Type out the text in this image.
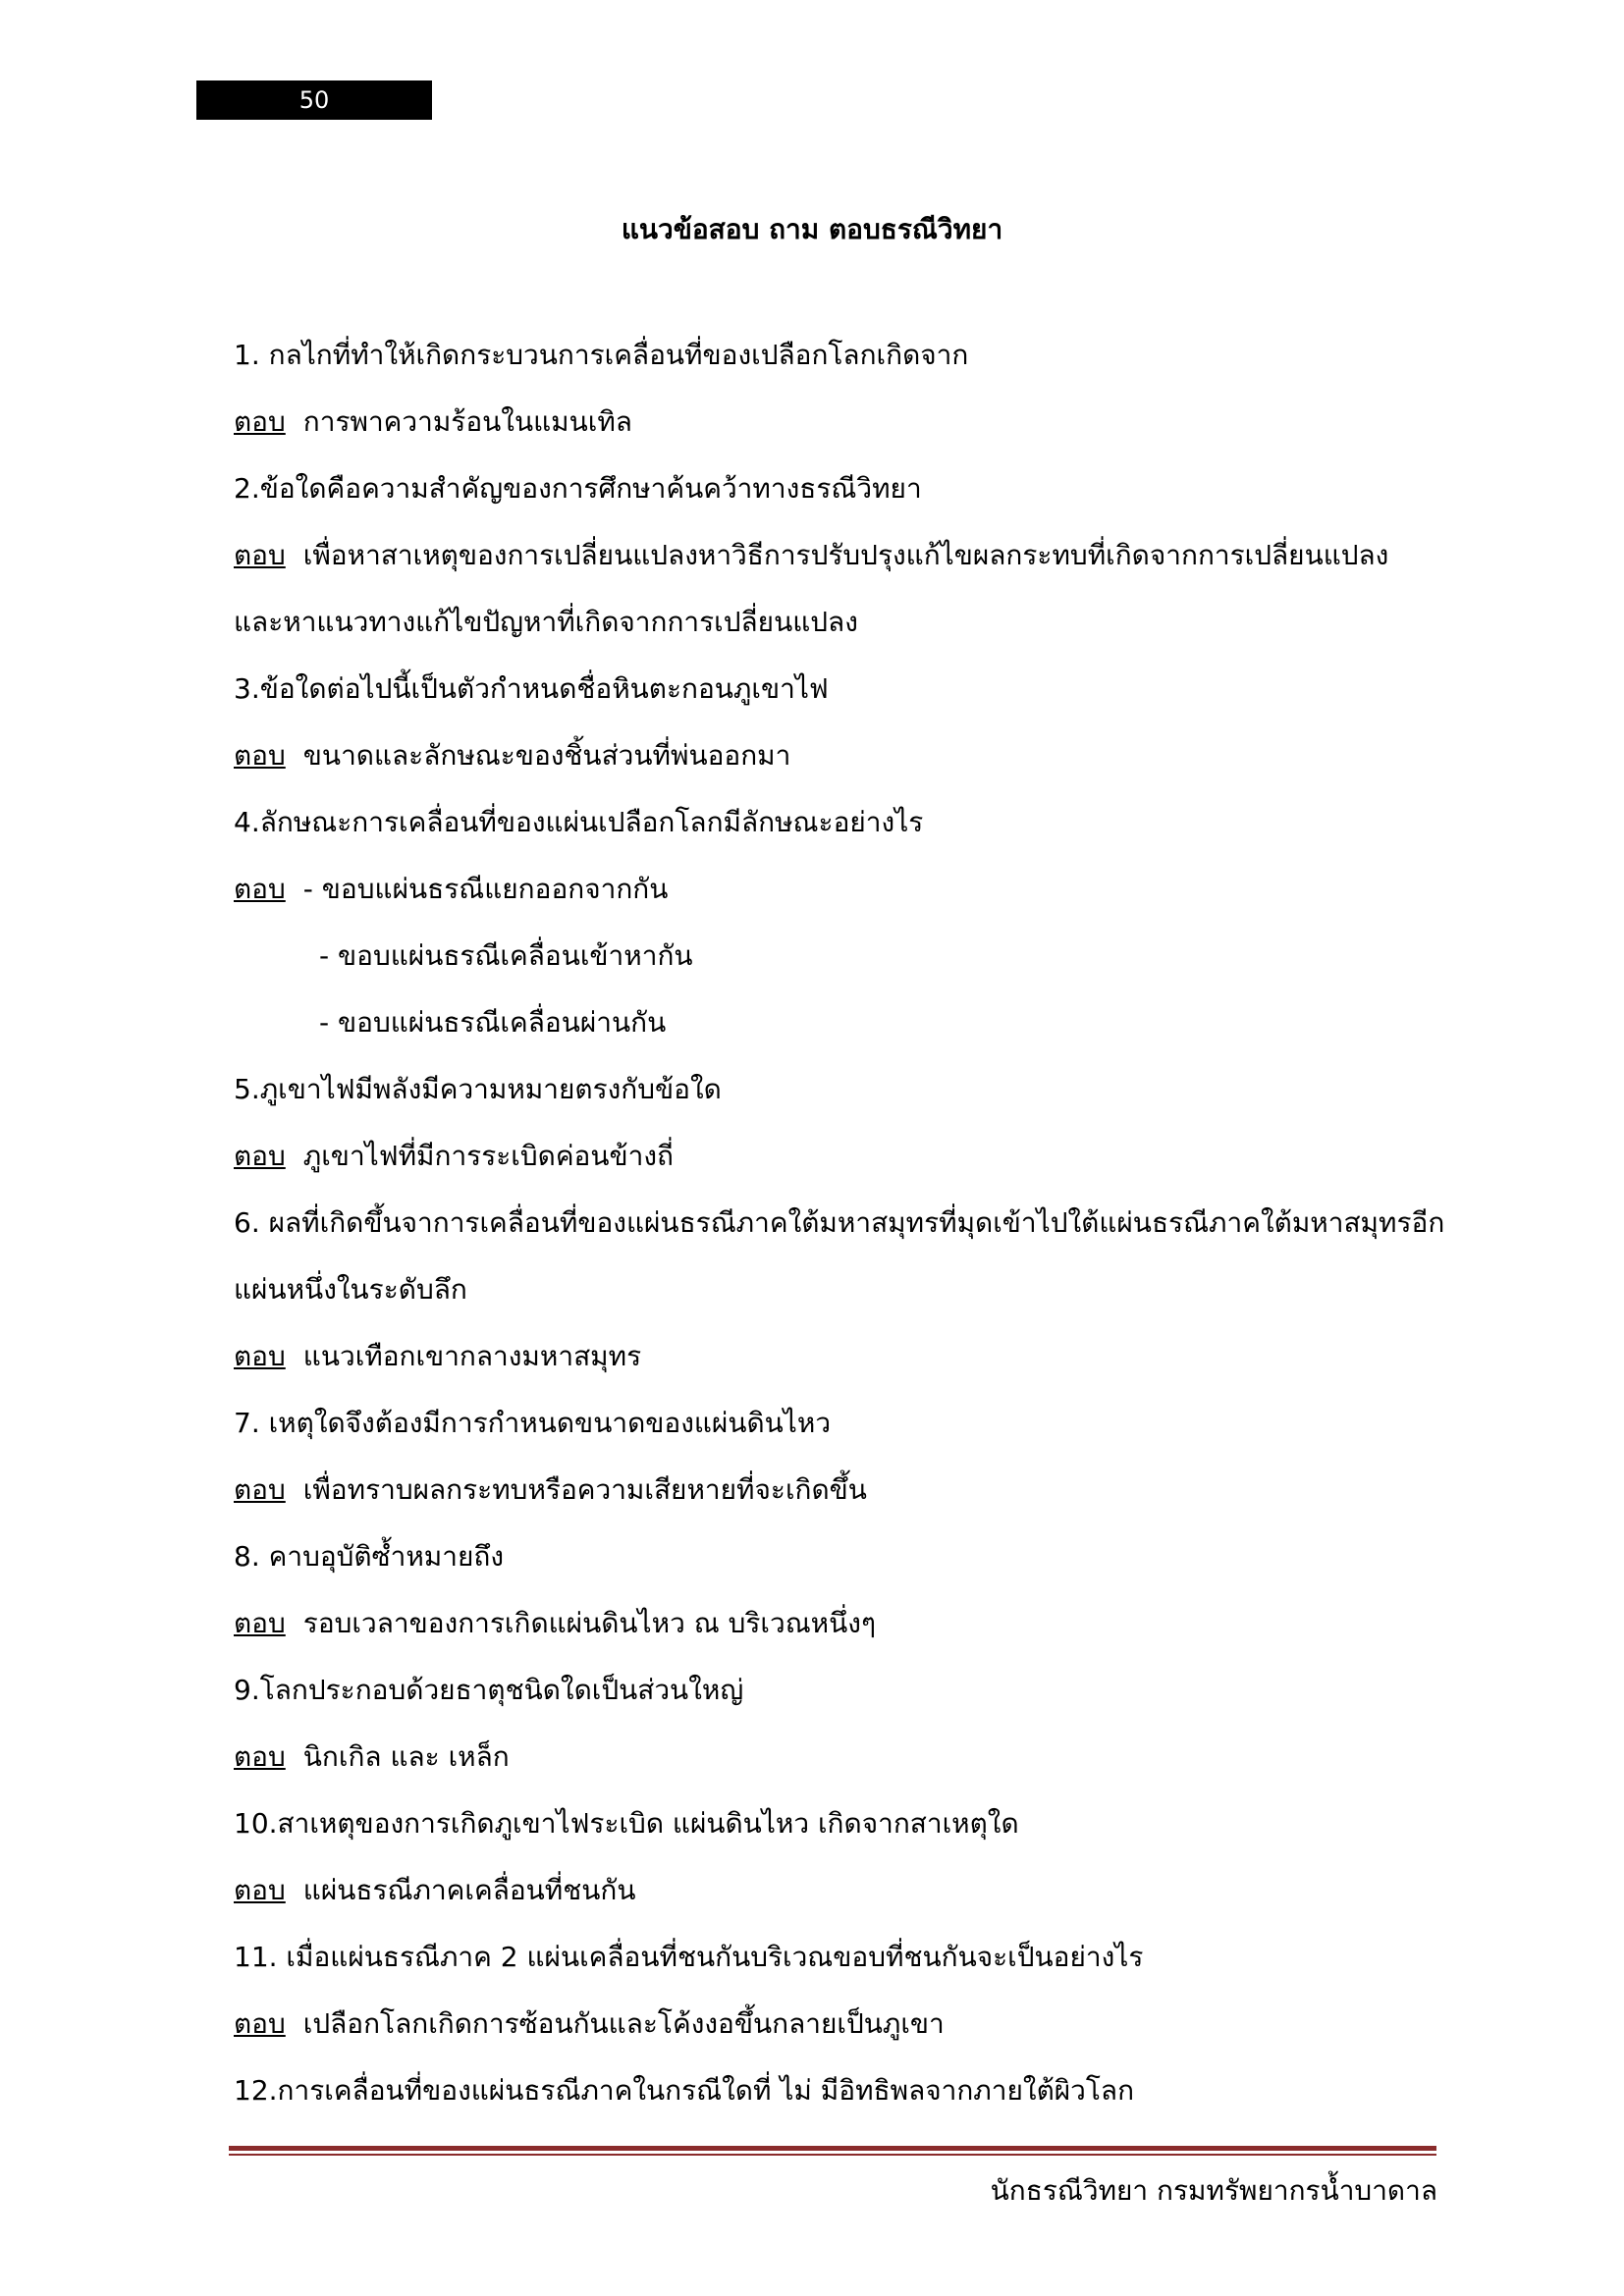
50
แนวข้อสอบ ถาม ตอบธรณีวิทยา
1. กลไกที่ทำให้เกิดกระบวนการเคลื่อนที่ของเปลือกโลกเกิดจาก
ตอบ การพาความร้อนในแมนเทิล
2.ข้อใดคือความสำคัญของการศึกษาค้นคว้าทางธรณีวิทยา
ตอบ เพื่อหาสาเหตุของการเปลี่ยนแปลงหาวิธีการปรับปรุงแก้ไขผลกระทบที่เกิดจากการเปลี่ยนแปลง
และหาแนวทางแก้ไขปัญหาที่เกิดจากการเปลี่ยนแปลง
3.ข้อใดต่อไปนี้เป็นตัวกำหนดชื่อหินตะกอนภูเขาไฟ
ตอบ ขนาดและลักษณะของชิ้นส่วนที่พ่นออกมา
4.ลักษณะการเคลื่อนที่ของแผ่นเปลือกโลกมีลักษณะอย่างไร
ตอบ - ขอบแผ่นธรณีแยกออกจากกัน
- ขอบแผ่นธรณีเคลื่อนเข้าหากัน
- ขอบแผ่นธรณีเคลื่อนผ่านกัน
5.ภูเขาไฟมีพลังมีความหมายตรงกับข้อใด
ตอบ ภูเขาไฟที่มีการระเบิดค่อนข้างถี่
6. ผลที่เกิดขึ้นจาการเคลื่อนที่ของแผ่นธรณีภาคใต้มหาสมุทรที่มุดเข้าไปใต้แผ่นธรณีภาคใต้มหาสมุทรอีก
แผ่นหนึ่งในระดับลึก
ตอบ แนวเทือกเขากลางมหาสมุทร
7. เหตุใดจึงต้องมีการกำหนดขนาดของแผ่นดินไหว
ตอบ เพื่อทราบผลกระทบหรือความเสียหายที่จะเกิดขึ้น
8. คาบอุบัติซ้ำหมายถึง
ตอบ รอบเวลาของการเกิดแผ่นดินไหว ณ บริเวณหนึ่งๆ
9.โลกประกอบด้วยธาตุชนิดใดเป็นส่วนใหญ่
ตอบ นิกเกิล และ เหล็ก
10.สาเหตุของการเกิดภูเขาไฟระเบิด แผ่นดินไหว เกิดจากสาเหตุใด
ตอบ แผ่นธรณีภาคเคลื่อนที่ชนกัน
11. เมื่อแผ่นธรณีภาค 2 แผ่นเคลื่อนที่ชนกันบริเวณขอบที่ชนกันจะเป็นอย่างไร
ตอบ เปลือกโลกเกิดการซ้อนกันและโค้งงอขึ้นกลายเป็นภูเขา
12.การเคลื่อนที่ของแผ่นธรณีภาคในกรณีใดที่ ไม่ มีอิทธิพลจากภายใต้ผิวโลก
นักธรณีวิทยา กรมทรัพยากรน้ำบาดาล
